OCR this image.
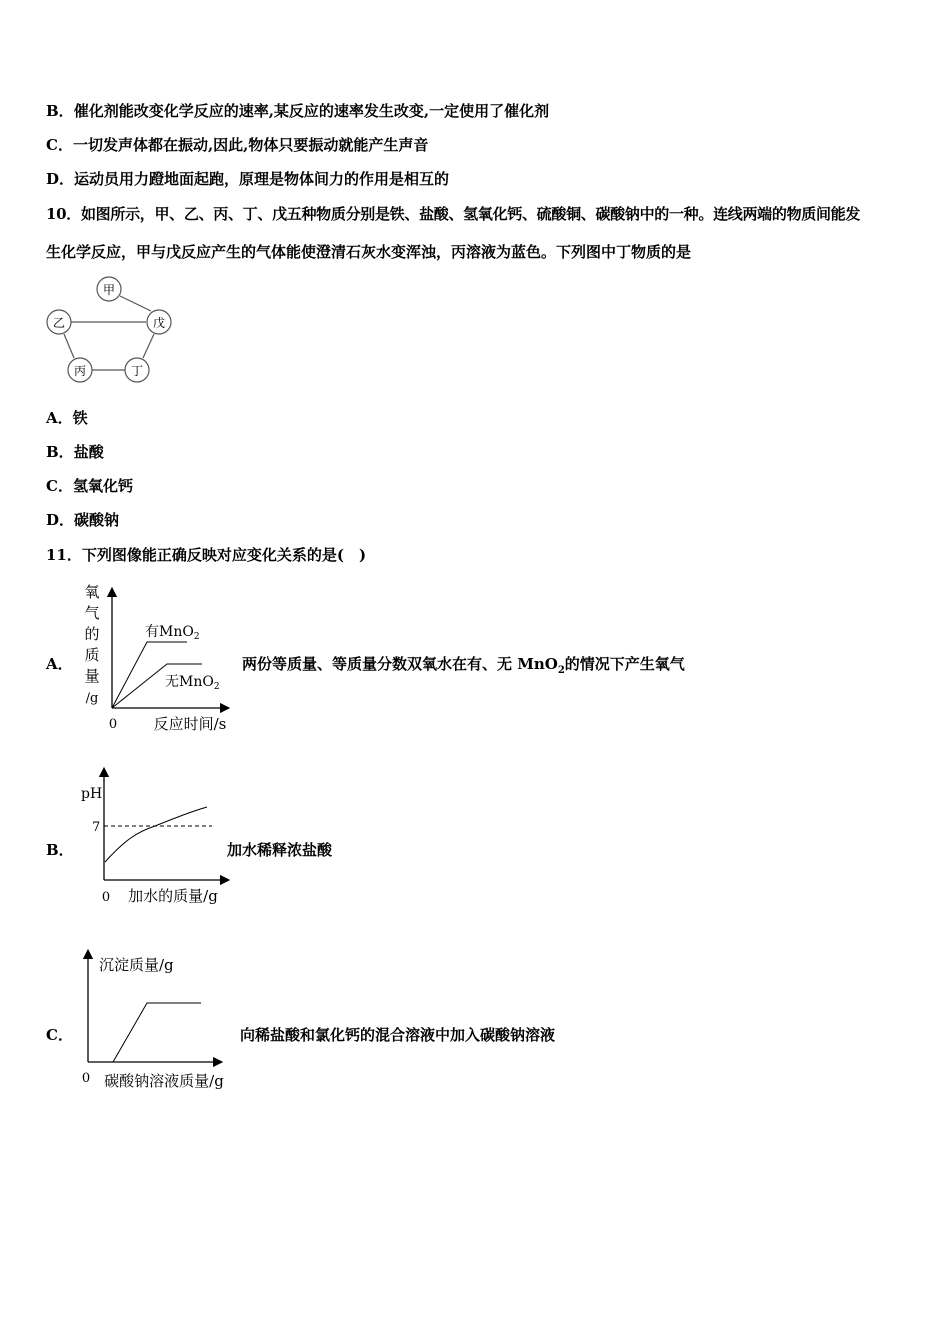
B．催化剂能改变化学反应的速率,某反应的速率发生改变,一定使用了催化剂
C．一切发声体都在振动,因此,物体只要振动就能产生声音
D．运动员用力蹬地面起跑，原理是物体间力的作用是相互的
10．如图所示，甲、乙、丙、丁、戊五种物质分别是铁、盐酸、氢氧化钙、硫酸铜、碳酸钠中的一种。连线两端的物质间能发
生化学反应，甲与戊反应产生的气体能使澄清石灰水变浑浊，丙溶液为蓝色。下列图中丁物质的是
甲
乙	戊
丙	丁
A．铁
B．盐酸
C．氢氧化钙
D．碳酸钠
11．下列图像能正确反映对应变化关系的是(　)
A．
氧
气
的
质
量
/g
0 反应时间/s
有MnO$_2$
无MnO$_2$
两份等质量、等质量分数双氧水在有、无 MnO$_2$的情况下产生氧气
B．
pH
7
0 加水的质量/g
加水稀释浓盐酸
C．
沉淀质量/g
0 碳酸钠溶液质量/g
向稀盐酸和氯化钙的混合溶液中加入碳酸钠溶液
